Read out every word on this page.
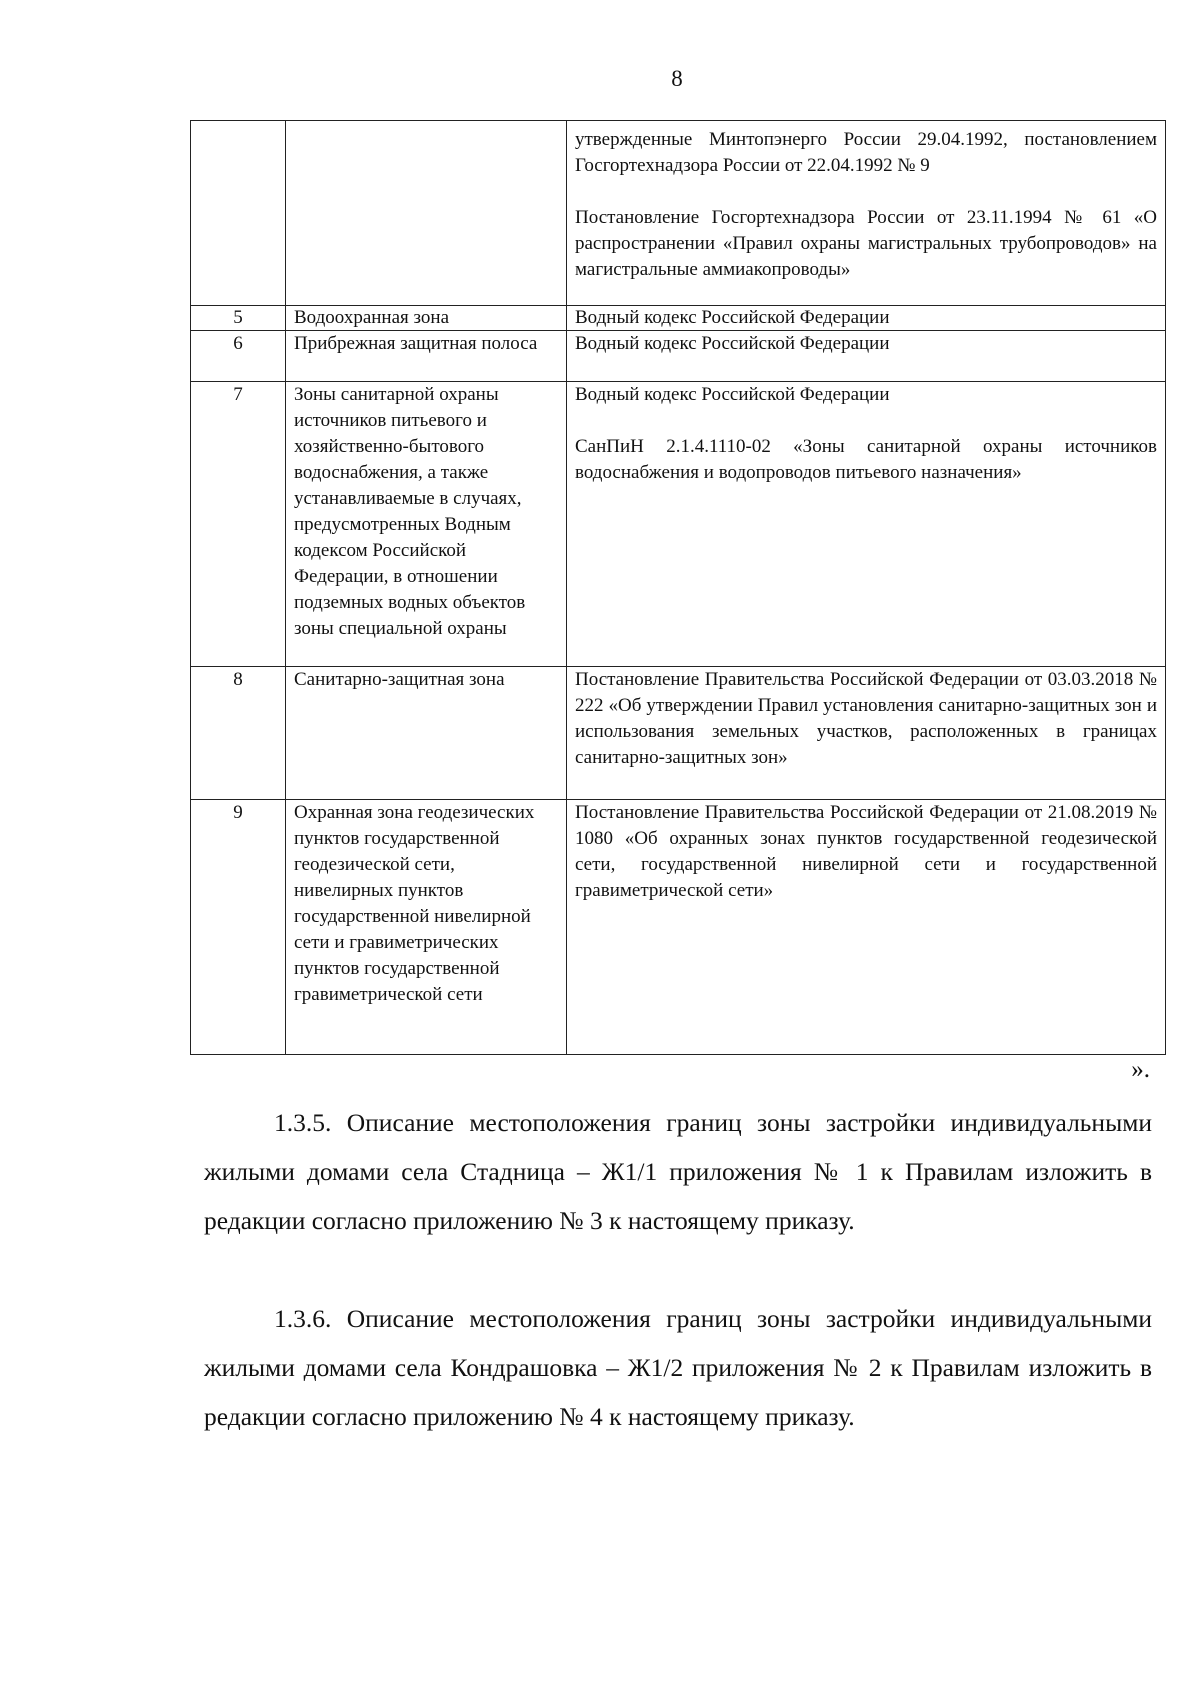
8

		утвержденные Минтопэнерго России 29.04.1992, постановлением Госгортехнадзора России от 22.04.1992 № 9

Постановление Госгортехнадзора России от 23.11.1994 № 61 «О распространении «Правил охраны магистральных трубопроводов» на магистральные аммиакопроводы»

5	Водоохранная зона	Водный кодекс Российской Федерации

6	Прибрежная защитная полоса	Водный кодекс Российской Федерации

7	Зоны санитарной охраны источников питьевого и хозяйственно-бытового водоснабжения, а также устанавливаемые в случаях, предусмотренных Водным кодексом Российской Федерации, в отношении подземных водных объектов зоны специальной охраны	Водный кодекс Российской Федерации

СанПиН 2.1.4.1110-02 «Зоны санитарной охраны источников водоснабжения и водопроводов питьевого назначения»

8	Санитарно-защитная зона	Постановление Правительства Российской Федерации от 03.03.2018 № 222 «Об утверждении Правил установления санитарно-защитных зон и использования земельных участков, расположенных в границах санитарно-защитных зон»

9	Охранная зона геодезических пунктов государственной геодезической сети, нивелирных пунктов государственной нивелирной сети и гравиметрических пунктов государственной гравиметрической сети	Постановление Правительства Российской Федерации от 21.08.2019 № 1080 «Об охранных зонах пунктов государственной геодезической сети, государственной нивелирной сети и государственной гравиметрической сети»

».

1.3.5. Описание местоположения границ зоны застройки индивидуальными жилыми домами села Стадница – Ж1/1 приложения № 1 к Правилам изложить в редакции согласно приложению № 3 к настоящему приказу.

1.3.6. Описание местоположения границ зоны застройки индивидуальными жилыми домами села Кондрашовка – Ж1/2 приложения № 2 к Правилам изложить в редакции согласно приложению № 4 к настоящему приказу.
